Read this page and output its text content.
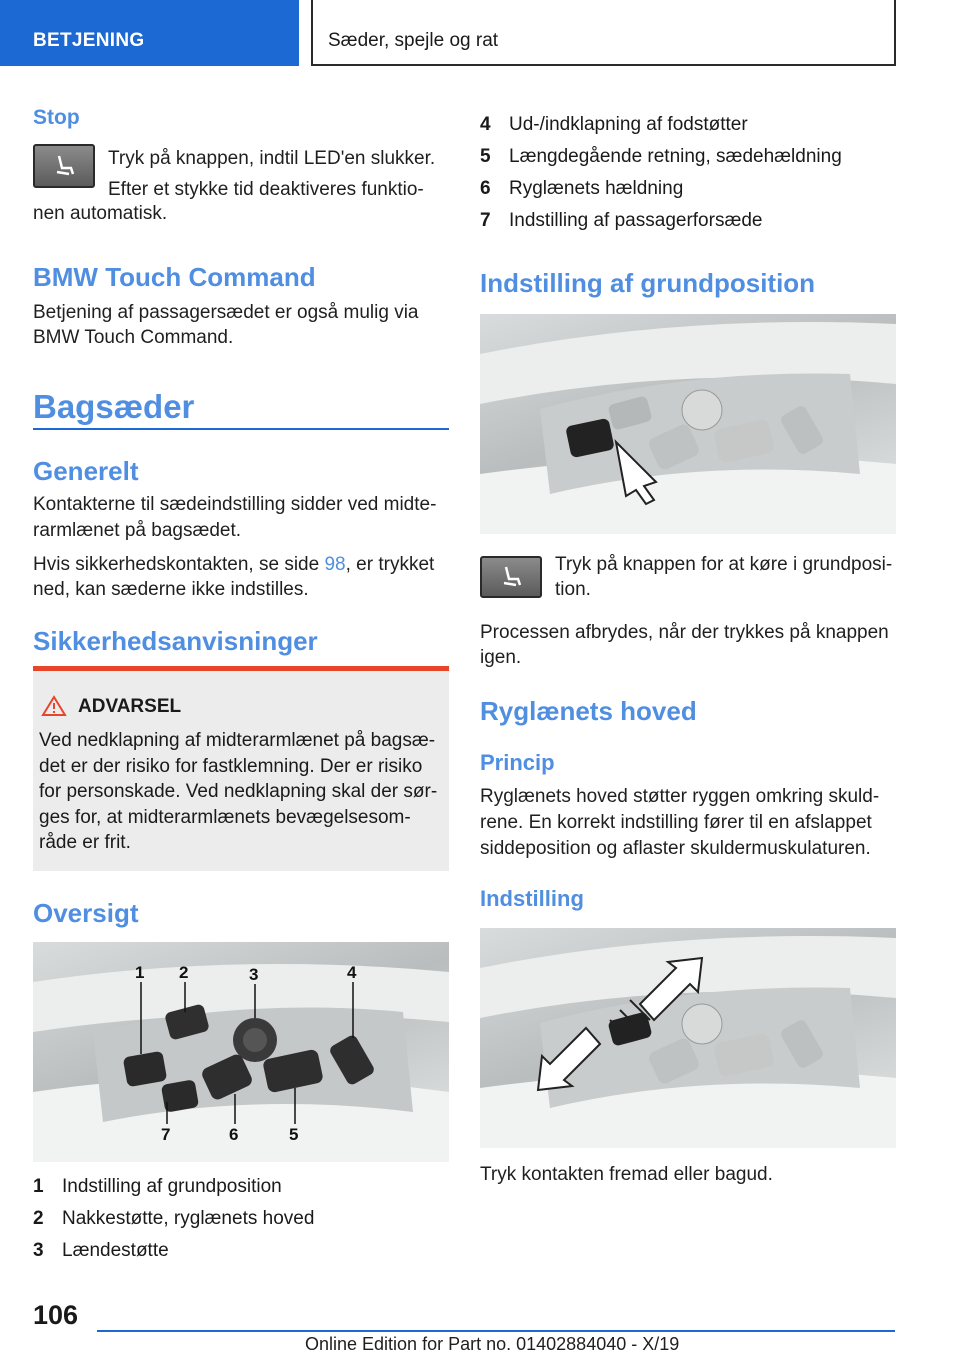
BETJENING	Sæder, spejle og rat
Stop
Tryk på knappen, indtil LED'en slukker.
Efter et stykke tid deaktiveres funktio-
nen automatisk.
BMW Touch Command
Betjening af passagersædet er også mulig via
BMW Touch Command.
Bagsæder
Generelt
Kontakterne til sædeindstilling sidder ved midte-
rarmlænet på bagsædet.
Hvis sikkerhedskontakten, se side 98, er trykket
ned, kan sæderne ikke indstilles.
Sikkerhedsanvisninger
ADVARSEL
Ved nedklapning af midterarmlænet på bagsæ-
det er der risiko for fastklemning. Der er risiko
for personskade. Ved nedklapning skal der sør-
ges for, at midterarmlænets bevægelsesom-
råde er frit.
Oversigt
1 2	3	4
7	6	5
1 Indstilling af grundposition
2 Nakkestøtte, ryglænets hoved
3 Lændestøtte
4 Ud-/indklapning af fodstøtter
5 Længdegående retning, sædehældning
6 Ryglænets hældning
7 Indstilling af passagerforsæde
Indstilling af grundposition
Tryk på knappen for at køre i grundposi-
tion.
Processen afbrydes, når der trykkes på knappen
igen.
Ryglænets hoved
Princip
Ryglænets hoved støtter ryggen omkring skuld-
rene. En korrekt indstilling fører til en afslappet
siddeposition og aflaster skuldermuskulaturen.
Indstilling
Tryk kontakten fremad eller bagud.
106
Online Edition for Part no. 01402884040 - X/19
